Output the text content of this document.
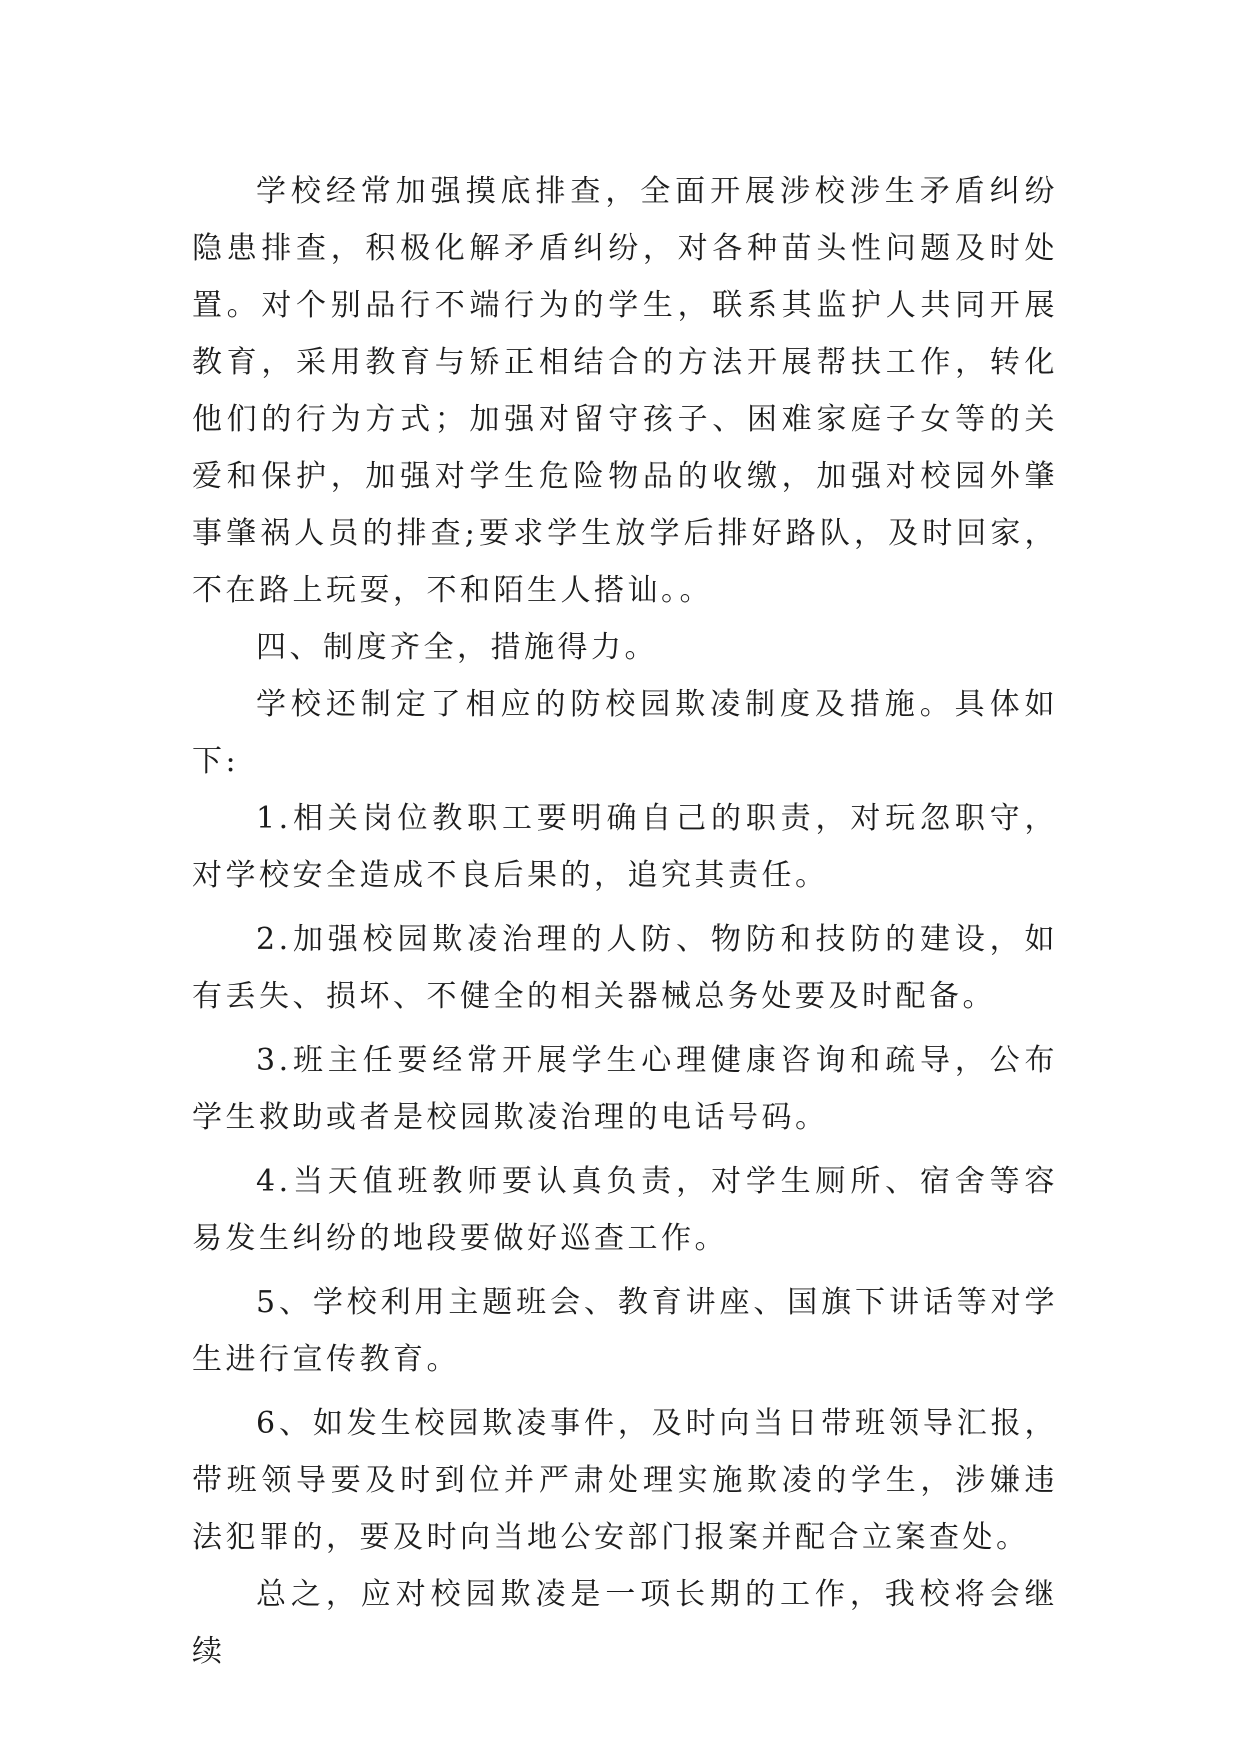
学校经常加强摸底排查，全面开展涉校涉生矛盾纠纷隐患排查，积极化解矛盾纠纷，对各种苗头性问题及时处置。对个别品行不端行为的学生，联系其监护人共同开展教育，采用教育与矫正相结合的方法开展帮扶工作，转化他们的行为方式；加强对留守孩子、困难家庭子女等的关爱和保护，加强对学生危险物品的收缴，加强对校园外肇事肇祸人员的排查;要求学生放学后排好路队，及时回家，不在路上玩耍，不和陌生人搭讪。。

四、制度齐全，措施得力。

学校还制定了相应的防校园欺凌制度及措施。具体如下:

1.相关岗位教职工要明确自己的职责，对玩忽职守，对学校安全造成不良后果的，追究其责任。

2.加强校园欺凌治理的人防、物防和技防的建设，如有丢失、损坏、不健全的相关器械总务处要及时配备。

3.班主任要经常开展学生心理健康咨询和疏导，公布学生救助或者是校园欺凌治理的电话号码。

4.当天值班教师要认真负责，对学生厕所、宿舍等容易发生纠纷的地段要做好巡查工作。

5、学校利用主题班会、教育讲座、国旗下讲话等对学生进行宣传教育。

6、如发生校园欺凌事件，及时向当日带班领导汇报，带班领导要及时到位并严肃处理实施欺凌的学生，涉嫌违法犯罪的，要及时向当地公安部门报案并配合立案查处。

总之，应对校园欺凌是一项长期的工作，我校将会继续
